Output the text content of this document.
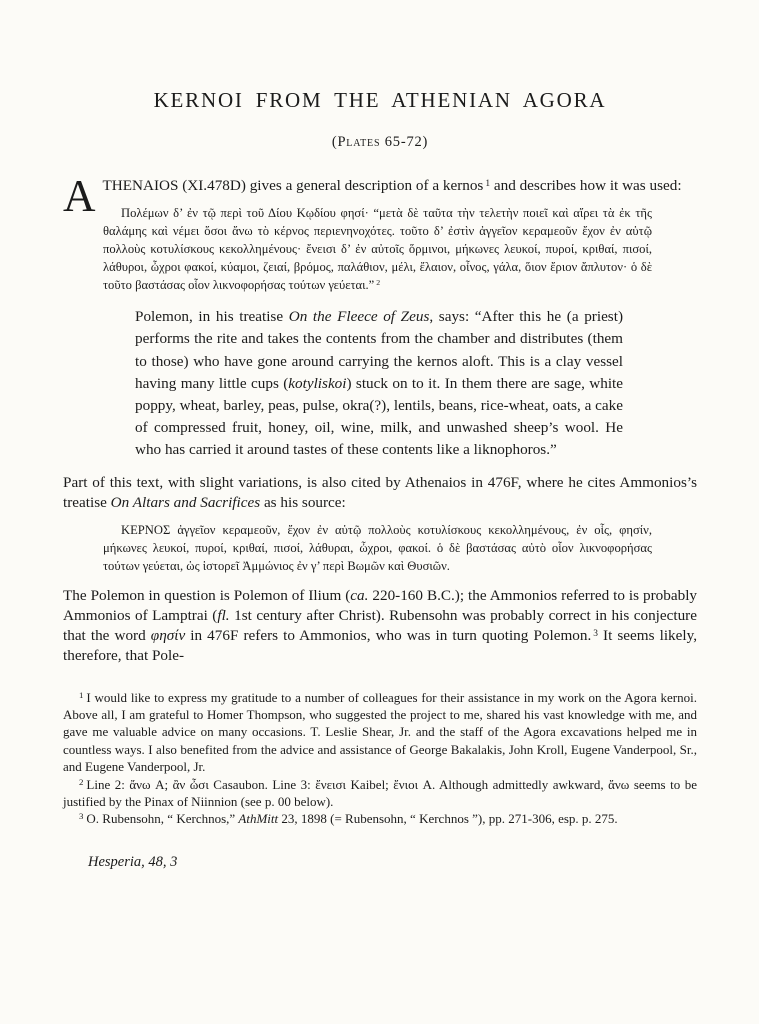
KERNOI FROM THE ATHENIAN AGORA
(Plates 65-72)

ATHENAIOS (XI.478D) gives a general description of a kernos $^1$ and describes how it was used:

Πολέμων δ’ ἐν τῷ περὶ τοῦ Δίου Κῳδίου φησί· “μετὰ δὲ ταῦτα τὴν τελετὴν ποιεῖ καὶ αἴρει τὰ ἐκ τῆς θαλάμης καὶ νέμει ὅσοι ἄνω τὸ κέρνος περιενηνοχότες. τοῦτο δ’ ἐστὶν ἀγγεῖον κεραμεοῦν ἔχον ἐν αὑτῷ πολλοὺς κοτυλίσκους κεκολλημένους· ἔνεισι δ’ ἐν αὐτοῖς ὅρμινοι, μήκωνες λευκοί, πυροί, κριθαί, πισοί, λάθυροι, ὦχροι φακοί, κύαμοι, ζειαί, βρόμος, παλάθιον, μέλι, ἔλαιον, οἶνος, γάλα, ὅιον ἔριον ἄπλυτον· ὁ δὲ τοῦτο βαστάσας οἷον λικνοφορήσας τούτων γεύεται.” $^2$

Polemon, in his treatise On the Fleece of Zeus, says: “After this he (a priest) performs the rite and takes the contents from the chamber and distributes (them to those) who have gone around carrying the kernos aloft. This is a clay vessel having many little cups (kotyliskoi) stuck on to it. In them there are sage, white poppy, wheat, barley, peas, pulse, okra(?), lentils, beans, rice-wheat, oats, a cake of compressed fruit, honey, oil, wine, milk, and unwashed sheep’s wool. He who has carried it around tastes of these contents like a liknophoros.”

Part of this text, with slight variations, is also cited by Athenaios in 476F, where he cites Ammonios’s treatise On Altars and Sacrifices as his source:

ΚΕΡΝΟΣ ἀγγεῖον κεραμεοῦν, ἔχον ἐν αὑτῷ πολλοὺς κοτυλίσκους κεκολλημένους, ἐν οἷς, φησίν, μήκωνες λευκοί, πυροί, κριθαί, πισοί, λάθυραι, ὦχροι, φακοί. ὁ δὲ βαστάσας αὐτὸ οἷον λικνοφορήσας τούτων γεύεται, ὡς ἱστορεῖ Ἀμμώνιος ἐν γ’ περὶ Βωμῶν καὶ Θυσιῶν.

The Polemon in question is Polemon of Ilium (ca. 220-160 B.C.); the Ammonios referred to is probably Ammonios of Lamptrai (fl. 1st century after Christ). Rubensohn was probably correct in his conjecture that the word φησίν in 476F refers to Ammonios, who was in turn quoting Polemon. $^3$ It seems likely, therefore, that Pole-

$^1$ I would like to express my gratitude to a number of colleagues for their assistance in my work on the Agora kernoi. Above all, I am grateful to Homer Thompson, who suggested the project to me, shared his vast knowledge with me, and gave me valuable advice on many occasions. T. Leslie Shear, Jr. and the staff of the Agora excavations helped me in countless ways. I also benefited from the advice and assistance of George Bakalakis, John Kroll, Eugene Vanderpool, Sr., and Eugene Vanderpool, Jr.

$^2$ Line 2: ἄνω A; ἂν ὦσι Casaubon. Line 3: ἔνεισι Kaibel; ἔνιοι A. Although admittedly awkward, ἄνω seems to be justified by the Pinax of Niinnion (see p. 00 below).

$^3$ O. Rubensohn, “ Kerchnos,” AthMitt 23, 1898 (= Rubensohn, “ Kerchnos ”), pp. 271-306, esp. p. 275.

Hesperia, 48, 3
